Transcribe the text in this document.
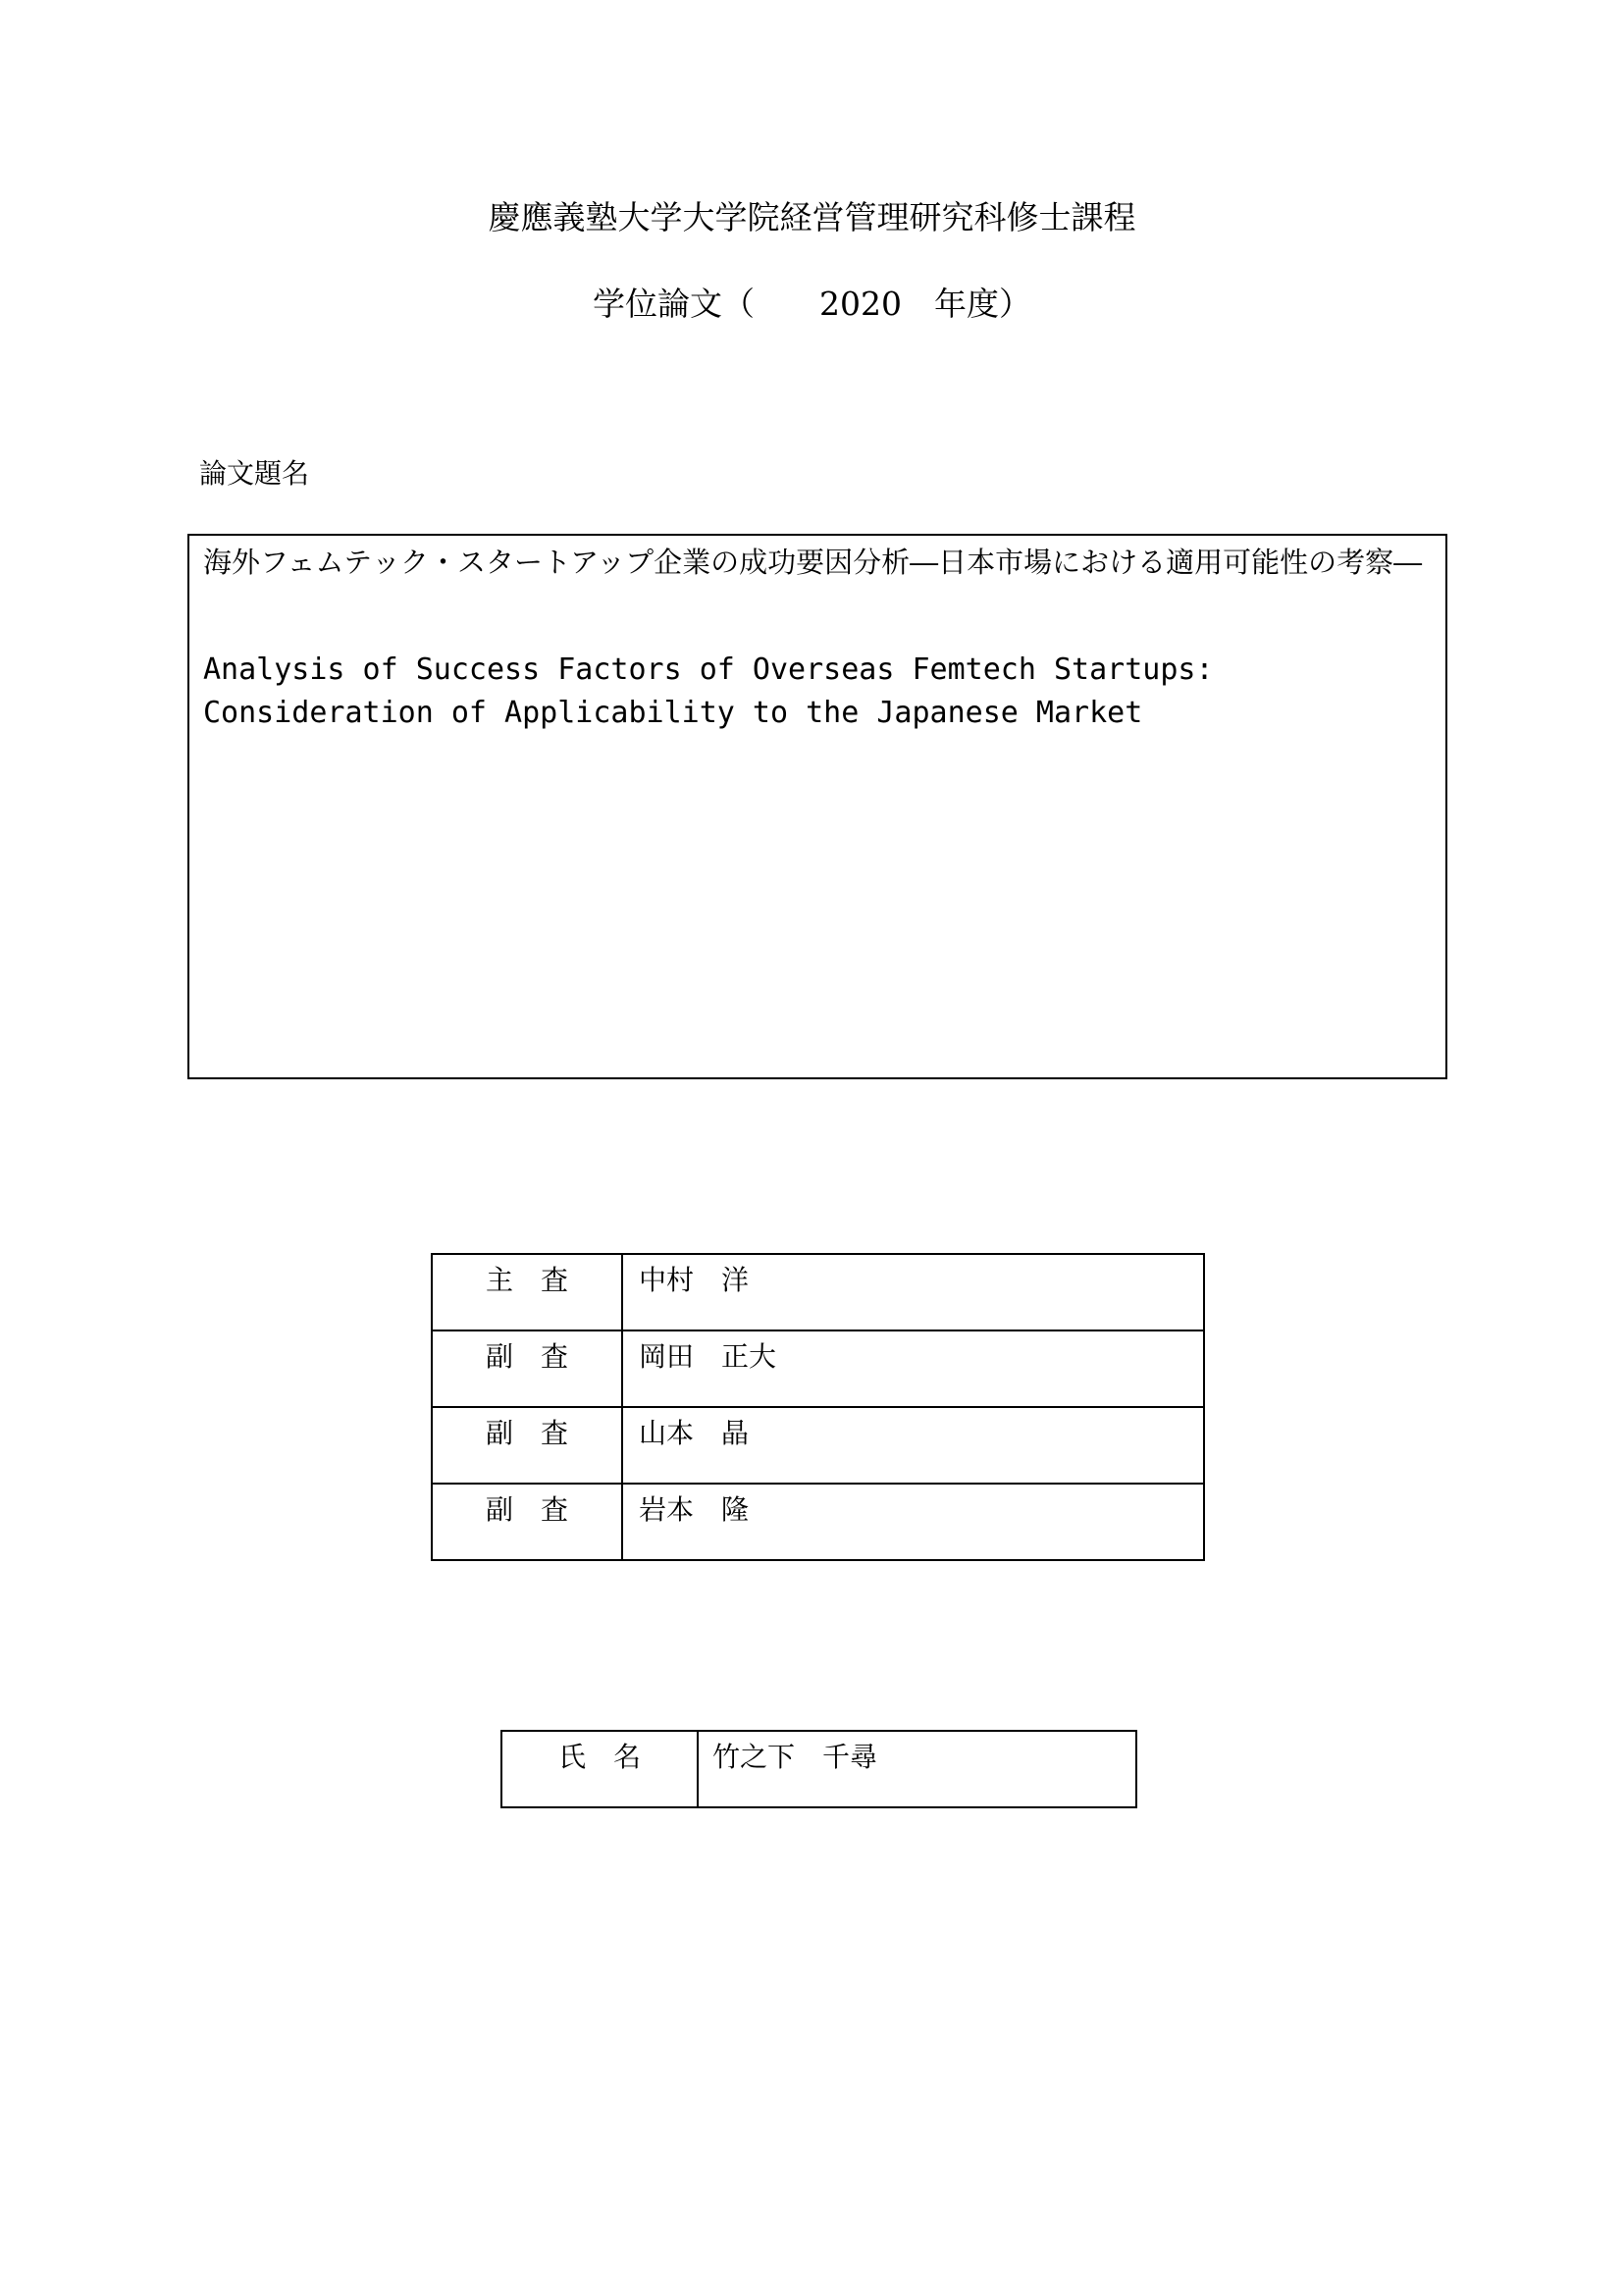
慶應義塾大学大学院経営管理研究科修士課程
学位論文（　　2020　年度）
論文題名

海外フェムテック・スタートアップ企業の成功要因分析―日本市場における適用可能性の考察―

Analysis of Success Factors of Overseas Femtech Startups: Consideration of Applicability to the Japanese Market

主　査	中村　洋
副　査	岡田　正大
副　査	山本　晶
副　査	岩本　隆
氏　名	竹之下　千尋
